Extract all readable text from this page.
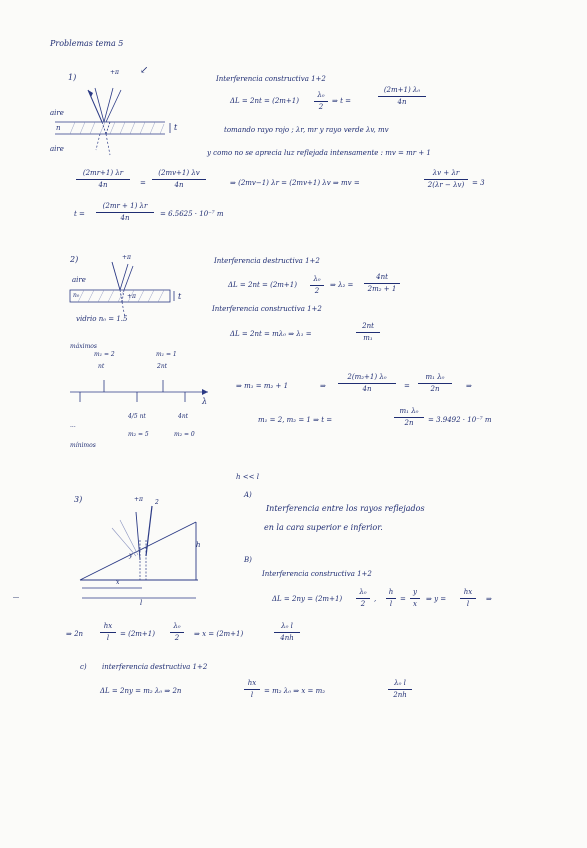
Problemas tema 5
1)
+π ↙
aire
n
aire
t
Interferencia constructiva 1+2
ΔL = 2nt = (2m+1)
λ₀
2
⇒ t =
(2m+1) λ₀
4n
tomando rayo rojo ; λr, mr y rayo verde λv, mv
y como no se aprecia luz reflejada intensamente : mv = mr + 1
(2mr+1) λr
4n	=
(2mv+1) λv
4n	⇒ (2mv−1) λr = (2mv+1) λv ⇒ mv =
λv + λr
2(λr − λv)	= 3
t =
(2mr + 1) λr
4n	= 6.5625 · 10⁻⁷ m
2)	+π
aire
n₀	+π
vidrio n₀ = 1.5
t
máximos
m₁ = 2
nt
m₁ = 1
2nt
λ
4/5 nt	4nt
m₂ = 5	m₂ = 0
...
mínimos
Interferencia destructiva 1+2
ΔL = 2nt = (2m+1)
λ₀
2
⇒ λ₂ =
4nt
2m₂ + 1
Interferencia constructiva 1+2
ΔL = 2nt = mλ₀ ⇒ λ₁ =
2nt
m₁
⇒ m₁ = m₂ + 1	⇒
2(m₂+1) λ₀
4n	=
m₁ λ₀
2n	⇒
m₁ = 2, m₂ = 1 ⇒ t =
m₁ λ₀
2n	= 3.9492 · 10⁻⁷ m
h << l
3)	+π 2
h
y
x
l
A)
Interferencia entre los rayos reflejados
en la cara superior e inferior.
B)
Interferencia constructiva 1+2
ΔL = 2ny = (2m+1)
λ₀
2
,
h
l
=
y
x
⇒ y =
hx
l
⇒
⇒ 2n
hx
l	= (2m+1)
λ₀
2	⇒ x = (2m+1)
λ₀ l
4nh
c) interferencia destructiva 1+2
ΔL = 2ny = m₂ λ₀ ⇒ 2n
hx
l	= m₂ λ₀ ⇒ x = m₂
λ₀ l
2nh
